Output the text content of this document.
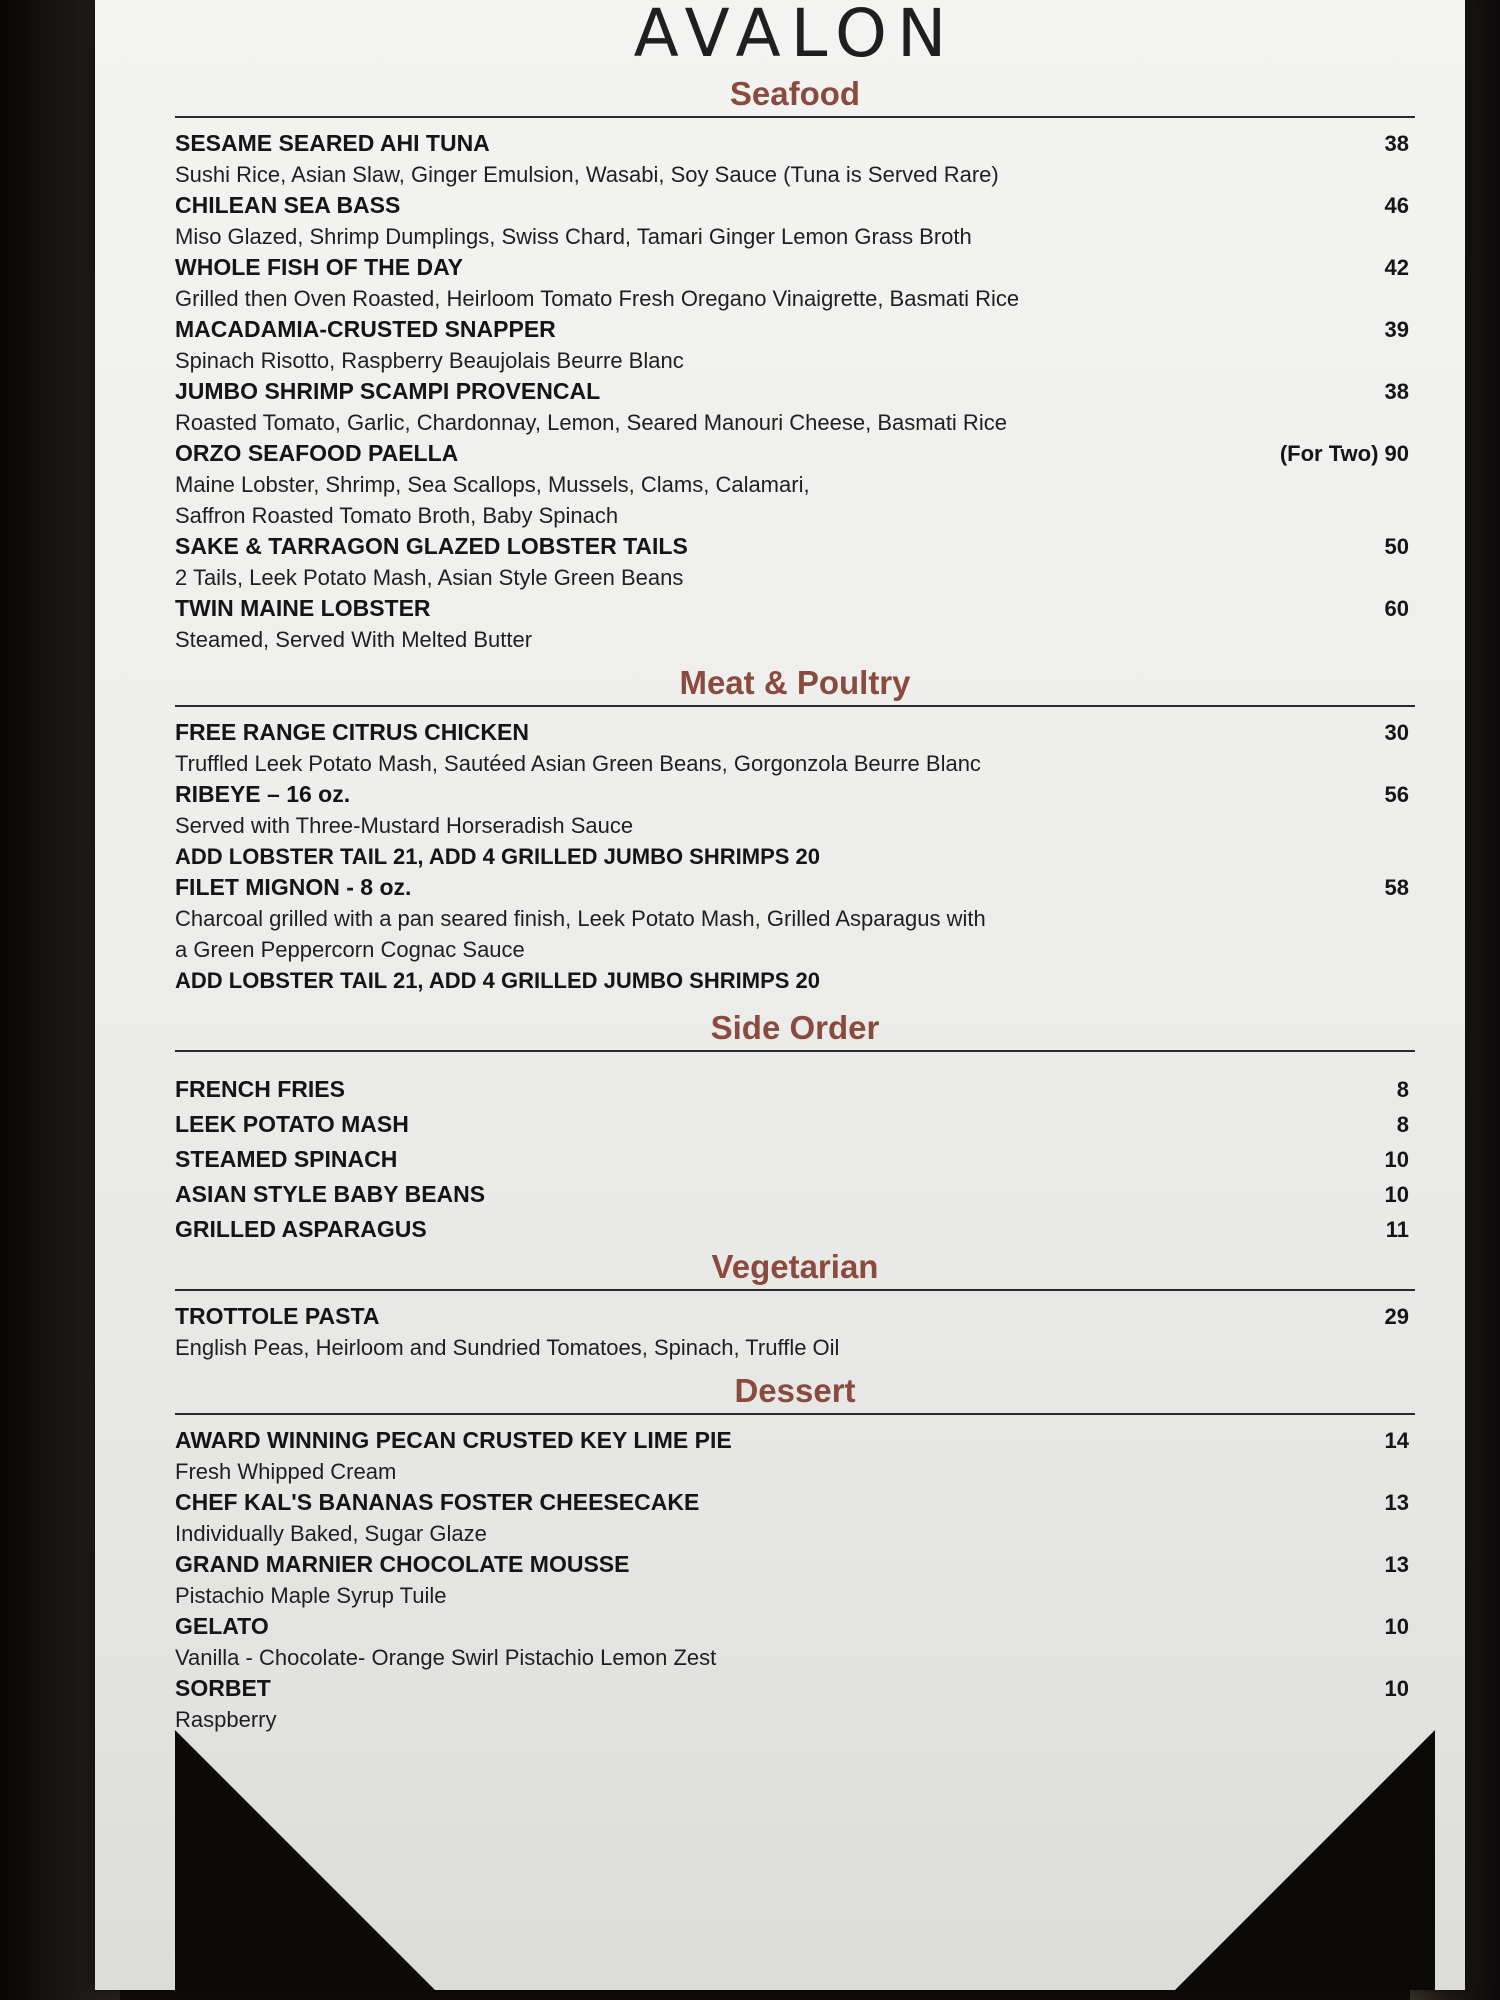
AVALON
Seafood
SESAME SEARED AHI TUNA	38
Sushi Rice, Asian Slaw, Ginger Emulsion, Wasabi, Soy Sauce (Tuna is Served Rare)
CHILEAN SEA BASS	46
Miso Glazed, Shrimp Dumplings, Swiss Chard, Tamari Ginger Lemon Grass Broth
WHOLE FISH OF THE DAY	42
Grilled then Oven Roasted, Heirloom Tomato Fresh Oregano Vinaigrette, Basmati Rice
MACADAMIA-CRUSTED SNAPPER	39
Spinach Risotto, Raspberry Beaujolais Beurre Blanc
JUMBO SHRIMP SCAMPI PROVENCAL	38
Roasted Tomato, Garlic, Chardonnay, Lemon, Seared Manouri Cheese, Basmati Rice
ORZO SEAFOOD PAELLA	(For Two) 90
Maine Lobster, Shrimp, Sea Scallops, Mussels, Clams, Calamari,
Saffron Roasted Tomato Broth, Baby Spinach
SAKE & TARRAGON GLAZED LOBSTER TAILS	50
2 Tails, Leek Potato Mash, Asian Style Green Beans
TWIN MAINE LOBSTER	60
Steamed, Served With Melted Butter
Meat & Poultry
FREE RANGE CITRUS CHICKEN	30
Truffled Leek Potato Mash, Sautéed Asian Green Beans, Gorgonzola Beurre Blanc
RIBEYE – 16 oz.	56
Served with Three-Mustard Horseradish Sauce
ADD LOBSTER TAIL 21, ADD 4 GRILLED JUMBO SHRIMPS 20
FILET MIGNON - 8 oz.	58
Charcoal grilled with a pan seared finish, Leek Potato Mash, Grilled Asparagus with
a Green Peppercorn Cognac Sauce
ADD LOBSTER TAIL 21, ADD 4 GRILLED JUMBO SHRIMPS 20
Side Order
FRENCH FRIES	8
LEEK POTATO MASH	8
STEAMED SPINACH	10
ASIAN STYLE BABY BEANS	10
GRILLED ASPARAGUS	11
Vegetarian
TROTTOLE PASTA	29
English Peas, Heirloom and Sundried Tomatoes, Spinach, Truffle Oil
Dessert
AWARD WINNING PECAN CRUSTED KEY LIME PIE	14
Fresh Whipped Cream
CHEF KAL'S BANANAS FOSTER CHEESECAKE	13
Individually Baked, Sugar Glaze
GRAND MARNIER CHOCOLATE MOUSSE	13
Pistachio Maple Syrup Tuile
GELATO	10
Vanilla - Chocolate- Orange Swirl Pistachio Lemon Zest
SORBET	10
Raspberry
